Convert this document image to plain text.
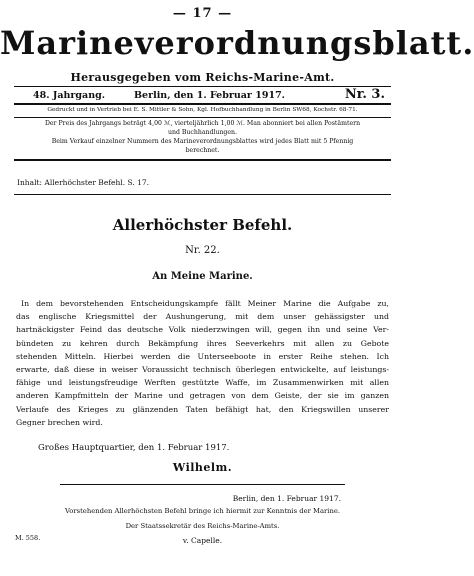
— 17 —
Marineverordnungsblatt.
Herausgegeben vom Reichs-Marine-Amt.
48. Jahrgang.	Berlin, den 1. Februar 1917.	Nr. 3.
Gedruckt und in Vertrieb bei E. S. Mittler & Sohn, Kgl. Hofbuchhandlung in Berlin SW68, Kochstr. 68-71.
Der Preis des Jahrgangs beträgt 4,00 ℳ, vierteljährlich 1,00 ℳ. Man abonniert bei allen Postämtern
und Buchhandlungen.
Beim Verkauf einzelner Nummern des Marineverordnungsblattes wird jedes Blatt mit 5 Pfennig
berechnet.
Inhalt: Allerhöchster Befehl. S. 17.
Allerhöchster Befehl.
Nr. 22.
An Meine Marine.
In dem bevorstehenden Entscheidungskampfe fällt Meiner Marine die Aufgabe zu,
das englische Kriegsmittel der Aushungerung, mit dem unser gehässigster und
hartnäckigster Feind das deutsche Volk niederzwingen will, gegen ihn und seine Ver-
bündeten zu kehren durch Bekämpfung ihres Seeverkehrs mit allen zu Gebote
stehenden Mitteln. Hierbei werden die Unterseeboote in erster Reihe stehen. Ich
erwarte, daß diese in weiser Voraussicht technisch überlegen entwickelte, auf leistungs-
fähige und leistungsfreudige Werften gestützte Waffe, im Zusammenwirken mit allen
anderen Kampfmitteln der Marine und getragen von dem Geiste, der sie im ganzen
Verlaufe des Krieges zu glänzenden Taten befähigt hat, den Kriegswillen unserer
Gegner brechen wird.
Großes Hauptquartier, den 1. Februar 1917.
Wilhelm.
Berlin, den 1. Februar 1917.
Vorstehenden Allerhöchsten Befehl bringe ich hiermit zur Kenntnis der Marine.
Der Staatssekretär des Reichs-Marine-Amts.
M. 558.	v. Capelle.
